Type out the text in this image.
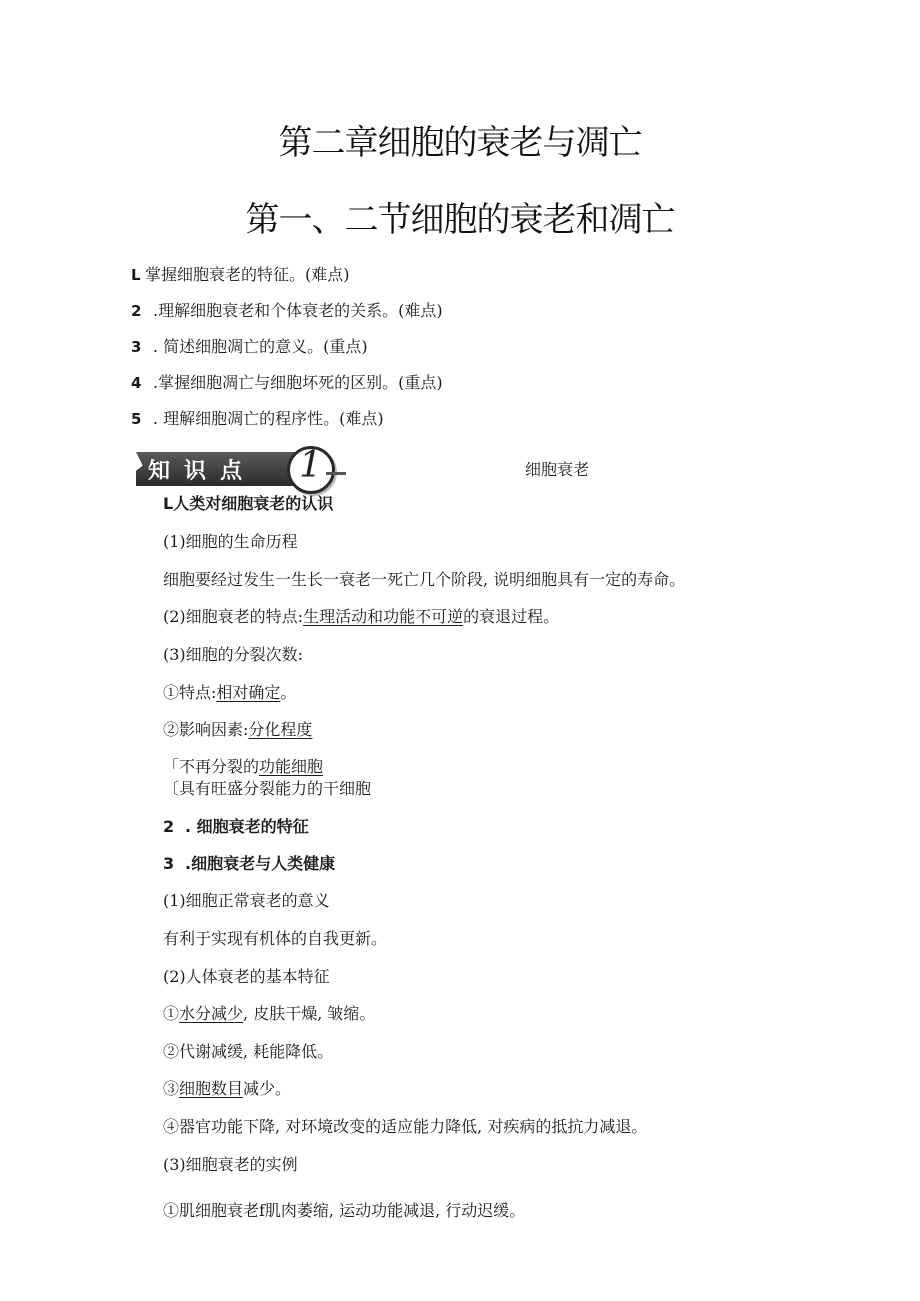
第二章细胞的衰老与凋亡
第一、二节细胞的衰老和凋亡
L 掌握细胞衰老的特征。(难点)
2 .理解细胞衰老和个体衰老的关系。(难点)
3 . 简述细胞凋亡的意义。(重点)
4 .掌握细胞凋亡与细胞坏死的区别。(重点)
5 . 理解细胞凋亡的程序性。(难点)
知识点 1	细胞衰老
L人类对细胞衰老的认识
(1)细胞的生命历程
细胞要经过发生一生长一衰老一死亡几个阶段, 说明细胞具有一定的寿命。
(2)细胞衰老的特点:生理活动和功能不可逆的衰退过程。
(3)细胞的分裂次数:
①特点:相对确定。
②影响因素:分化程度
「不再分裂的功能细胞
〔具有旺盛分裂能力的干细胞
2 . 细胞衰老的特征
3 .细胞衰老与人类健康
(1)细胞正常衰老的意义
有利于实现有机体的自我更新。
(2)人体衰老的基本特征
①水分减少, 皮肤干燥, 皱缩。
②代谢减缓, 耗能降低。
③细胞数目减少。
④器官功能下降, 对环境改变的适应能力降低, 对疾病的抵抗力减退。
(3)细胞衰老的实例
①肌细胞衰老f肌肉萎缩, 运动功能减退, 行动迟缓。
